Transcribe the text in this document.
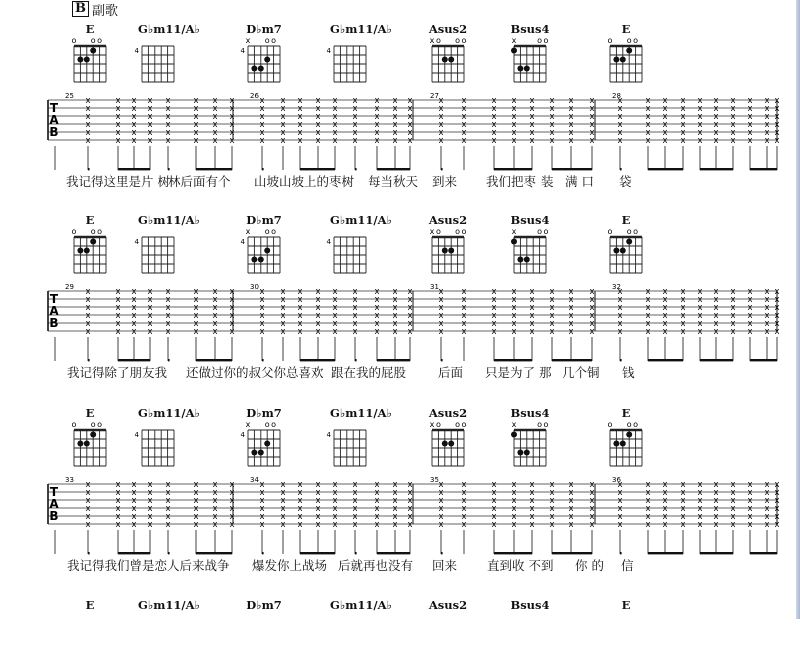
B 副歌
o o o
4
x o o
4	4
x o o o	x	o o	o o o
E	G♭m11/A♭	D♭m7	G♭m11/A♭	Asus2	Bsus4	E
T
A
B
25	26	27	28
x
x
x
x
x
x
x
x
x
x
x
x
x
x
x
x
x
x
x
x
x
x
x
x
x
x
x
x
x
x
x
x
x
x
x
x
x
x
x
x
x
x
x
x
x
x
x
x
x
x
x
x
x
x
x
x
x
x
x
x
x
x
x
x
x
x
x
x
x
x
x
x
x
x
x
x
x
x
x
x
x
x
x
x
x
x
x
x
x
x
x
x
x
x
x
x
x
x
x
x
x
x
x
x
x
x
x
x
x
x
x
x
x
x
x
x
x
x
x
x
x
x
x
x
x
x
x
x
x
x
x
x
x
x
x
x
x
x
x
x
x
x
x
x
x
x
x
x
x
x
x
x
x
x
x
x
x
x
x
x
x
x
x
x
x
x
x
x
x
x
x
x
x
x
x
x
x
x
x
x
x
x
x
x
x
x
x
x
x
x
x
x
x
x
x
x
x
x
x
x
x
x
x
x
x
x
x
x
x
x
我记得这里是片 树
林后面有个 山坡山坡上的枣树 每当秋天 到来 我们把枣 装 满 口 袋
o o o
4
x o o
4	4
x o o o	x	o o	o o o
E	G♭m11/A♭	D♭m7	G♭m11/A♭	Asus2	Bsus4	E
T
A
B
29	30	31	32
x
x
x
x
x
x
x
x
x
x
x
x
x
x
x
x
x
x
x
x
x
x
x
x
x
x
x
x
x
x
x
x
x
x
x
x
x
x
x
x
x
x
x
x
x
x
x
x
x
x
x
x
x
x
x
x
x
x
x
x
x
x
x
x
x
x
x
x
x
x
x
x
x
x
x
x
x
x
x
x
x
x
x
x
x
x
x
x
x
x
x
x
x
x
x
x
x
x
x
x
x
x
x
x
x
x
x
x
x
x
x
x
x
x
x
x
x
x
x
x
x
x
x
x
x
x
x
x
x
x
x
x
x
x
x
x
x
x
x
x
x
x
x
x
x
x
x
x
x
x
x
x
x
x
x
x
x
x
x
x
x
x
x
x
x
x
x
x
x
x
x
x
x
x
x
x
x
x
x
x
x
x
x
x
x
x
x
x
x
x
x
x
x
x
x
x
x
x
x
x
x
x
x
x
x
x
x
x
x
x
我记得除了朋友我 还做过你的叔父你总喜欢 跟在我的屁股	后面 只是为了 那 几个铜 钱
o o o
4
x o o
4	4
x o o o	x	o o	o o o
E	G♭m11/A♭	D♭m7	G♭m11/A♭	Asus2	Bsus4	E
T
A
B
33	34	35	36
x
x
x
x
x
x
x
x
x
x
x
x
x
x
x
x
x
x
x
x
x
x
x
x
x
x
x
x
x
x
x
x
x
x
x
x
x
x
x
x
x
x
x
x
x
x
x
x
x
x
x
x
x
x
x
x
x
x
x
x
x
x
x
x
x
x
x
x
x
x
x
x
x
x
x
x
x
x
x
x
x
x
x
x
x
x
x
x
x
x
x
x
x
x
x
x
x
x
x
x
x
x
x
x
x
x
x
x
x
x
x
x
x
x
x
x
x
x
x
x
x
x
x
x
x
x
x
x
x
x
x
x
x
x
x
x
x
x
x
x
x
x
x
x
x
x
x
x
x
x
x
x
x
x
x
x
x
x
x
x
x
x
x
x
x
x
x
x
x
x
x
x
x
x
x
x
x
x
x
x
x
x
x
x
x
x
x
x
x
x
x
x
x
x
x
x
x
x
x
x
x
x
x
x
x
x
x
x
x
x
我记得我们曾是恋人后来战争 爆发你上战场 后就再也没有 回来 直到收 不到 你 的 信
E	G♭m11/A♭	D♭m7	G♭m11/A♭	Asus2	Bsus4	E
